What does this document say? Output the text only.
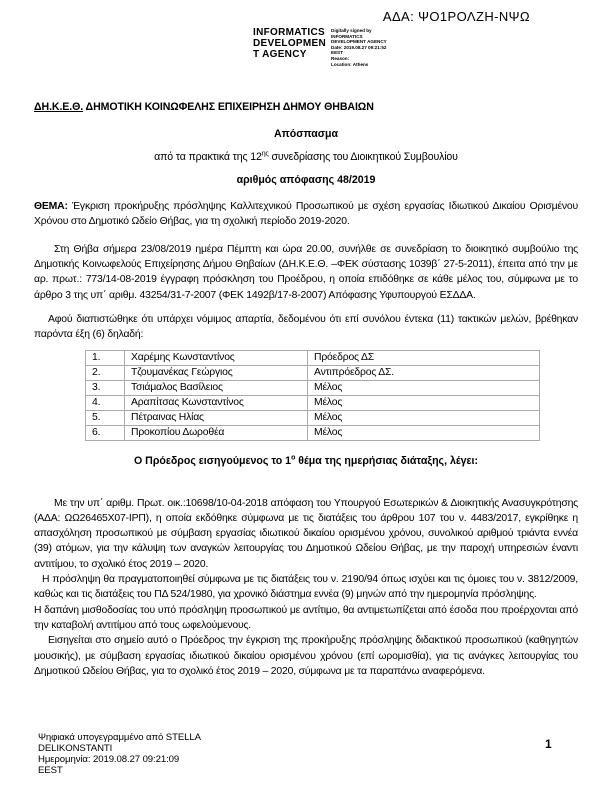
ΑΔΑ: ΨΟ1ΡΟΛΖΗ-ΝΨΩ
INFORMATICS
DEVELOPMEN
T AGENCY
Digitally signed by
INFORMATICS
DEVELOPMENT AGENCY
Date: 2019.08.27 09:21:52
EEST
Reason:
Location: Athens
ΔΗ.Κ.Ε.Θ. ΔΗΜΟΤΙΚΗ ΚΟΙΝΩΦΕΛΗΣ ΕΠΙΧΕΙΡΗΣΗ ΔΗΜΟΥ ΘΗΒΑΙΩΝ
Απόσπασμα
από τα πρακτικά της $12^{\eta\varsigma}$ συνεδρίασης του Διοικητικού Συμβουλίου
αριθμός απόφασης 48/2019
ΘΕΜΑ: Έγκριση προκήρυξης πρόσληψης Καλλιτεχνικού Προσωπικού με σχέση εργασίας Ιδιωτικού Δικαίου Ορισμένου Χρόνου στο Δημοτικό Ωδείο Θήβας, για τη σχολική περίοδο 2019-2020.
Στη Θήβα σήμερα 23/08/2019 ημέρα Πέμπτη και ώρα 20.00, συνήλθε σε συνεδρίαση το διοικητικό συμβούλιο της Δημοτικής Κοινωφελούς Επιχείρησης Δήμου Θηβαίων (ΔΗ.Κ.Ε.Θ. –ΦΕΚ σύστασης 1039β΄ 27-5-2011), έπειτα από την με αρ. πρωτ.: 773/14-08-2019 έγγραφη πρόσκληση του Προέδρου, η οποία επιδόθηκε σε κάθε μέλος του, σύμφωνα με το άρθρο 3 της υπ΄ αριθμ. 43254/31-7-2007 (ΦΕΚ 1492β/17-8-2007) Απόφασης Υφυπουργού ΕΣΔΔΑ.
Αφού διαπιστώθηκε ότι υπάρχει νόμιμος απαρτία, δεδομένου ότι επί συνόλου έντεκα (11) τακτικών μελών, βρέθηκαν παρόντα έξη (6) δηλαδή:
1.	Χαρέμης Κωνσταντίνος	Πρόεδρος ΔΣ
2.	Τζουμανέκας Γεώργιος	Αντιπρόεδρος ΔΣ.
3.	Τσιάμαλος Βασίλειος	Μέλος
4.	Αραπίτσας Κωνσταντίνος	Μέλος
5.	Πέτραινας Ηλίας	Μέλος
6.	Προκοπίου Δωροθέα	Μέλος
Ο Πρόεδρος εισηγούμενος το $1^o$ θέμα της ημερήσιας διάταξης, λέγει:
Με την υπ΄ αριθμ. Πρωτ. οικ.:10698/10-04-2018 απόφαση του Υπουργού Εσωτερικών & Διοικητικής Ανασυγκρότησης (ΑΔΑ: ΩΩ26465Χ07-ΙΡΠ), η οποία εκδόθηκε σύμφωνα με τις διατάξεις του άρθρου 107 του ν. 4483/2017, εγκρίθηκε η απασχόληση προσωπικού με σύμβαση εργασίας ιδιωτικού δικαίου ορισμένου χρόνου, συνολικού αριθμού τριάντα εννέα (39) ατόμων, για την κάλυψη των αναγκών λειτουργίας του Δημοτικού Ωδείου Θήβας, με την παροχή υπηρεσιών έναντι αντιτίμου, το σχολικό έτος 2019 – 2020.
Η πρόσληψη θα πραγματοποιηθεί σύμφωνα με τις διατάξεις του ν. 2190/94 όπως ισχύει και τις όμοιες του ν. 3812/2009, καθώς και τις διατάξεις του ΠΔ 524/1980, για χρονικό διάστημα εννέα (9) μηνών από την ημερομηνία πρόσληψης.
Η δαπάνη μισθοδοσίας του υπό πρόσληψη προσωπικού με αντίτιμο, θα αντιμετωπίζεται από έσοδα που προέρχονται από την καταβολή αντιτίμου από τους ωφελούμενους.
Εισηγείται στο σημείο αυτό ο Πρόεδρος την έγκριση της προκήρυξης πρόσληψης διδακτικού προσωπικού (καθηγητών μουσικής), με σύμβαση εργασίας ιδιωτικού δικαίου ορισμένου χρόνου (επί ωρομισθία), για τις ανάγκες λειτουργίας του Δημοτικού Ωδείου Θήβας, για το σχολικό έτος 2019 – 2020, σύμφωνα με τα παραπάνω αναφερόμενα.
Ψηφιακά υπογεγραμμένο από STELLA
DELIKONSTANTI
Ημερομηνία: 2019.08.27 09:21:09
EEST
1
